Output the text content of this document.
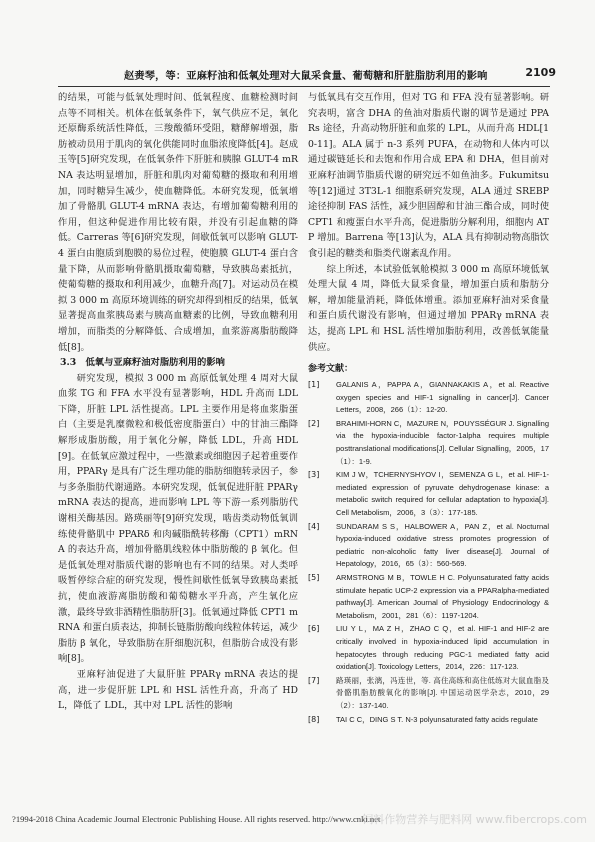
赵赉琴，等：亚麻籽油和低氧处理对大鼠采食量、葡萄糖和肝脏脂肪利用的影响	2109

的结果，可能与低氧处理时间、低氧程度、血糖检测时间点等不同相关。机体在低氧条件下，氧气供应不足，氧化还原酶系统活性降低，三羧酸循环受阻，糖酵解增强，脂肪被动员用于肌肉的氧化供能同时血脂浓度降低[4]。赵成玉等[5]研究发现，在低氧条件下肝脏和胰腺 GLUT-4 mRNA 表达明显增加，肝脏和肌肉对葡萄糖的摄取和利用增加，同时糖异生减少，使血糖降低。本研究发现，低氧增加了骨骼肌 GLUT-4 mRNA 表达，有增加葡萄糖利用的作用，但这种促进作用比较有限，并没有引起血糖的降低。Carreras 等[6]研究发现，间歇低氧可以影响 GLUT-4 蛋白由胞质到胞膜的易位过程，使胞膜 GLUT-4 蛋白含量下降，从而影响骨骼肌摄取葡萄糖，导致胰岛素抵抗，使葡萄糖的摄取和利用减少，血糖升高[7]。对运动员在模拟 3 000 m 高原环境训练的研究却得到相反的结果，低氧显著提高血浆胰岛素与胰高血糖素的比例，导致血糖利用增加，而脂类的分解降低、合成增加，血浆游离脂肪酸降低[8]。

3.3　低氧与亚麻籽油对脂肪利用的影响

研究发现，模拟 3 000 m 高原低氧处理 4 周对大鼠血浆 TG 和 FFA 水平没有显著影响，HDL 升高而 LDL 下降，肝脏 LPL 活性提高。LPL 主要作用是将血浆脂蛋白（主要是乳糜微粒和极低密度脂蛋白）中的甘油三酯降解形成脂肪酸，用于氧化分解，降低 LDL，升高 HDL[9]。在低氧应激过程中，一些激素或细胞因子起着重要作用，PPARγ 是具有广泛生理功能的脂肪细胞转录因子，参与多条脂肪代谢通路。本研究发现，低氧促进肝脏 PPARγ mRNA 表达的提高，进而影响 LPL 等下游一系列脂肪代谢相关酶基因。路瑛丽等[9]研究发现，啮齿类动物低氧训练使骨骼肌中 PPARδ 和肉碱脂酰转移酶（CPT1）mRNA 的表达升高，增加骨骼肌线粒体中脂肪酸的 β 氧化。但是低氧处理对脂质代谢的影响也有不同的结果。对人类呼吸暂停综合症的研究发现，慢性间歇性低氧导致胰岛素抵抗，使血液游离脂肪酸和葡萄糖水平升高，产生氧化应激，最终导致非酒精性脂肪肝[3]。低氧通过降低 CPT1 mRNA 和蛋白质表达，抑制长链脂肪酸向线粒体转运，减少脂肪 β 氧化，导致脂肪在肝细胞沉积，但脂肪合成没有影响[8]。

亚麻籽油促进了大鼠肝脏 PPARγ mRNA 表达的提高，进一步促肝脏 LPL 和 HSL 活性升高，升高了 HDL，降低了 LDL，其中对 LPL 活性的影响

与低氧具有交互作用，但对 TG 和 FFA 没有显著影响。研究表明，富含 DHA 的鱼油对脂质代谢的调节是通过 PPARs 途径，升高动物肝脏和血浆的 LPL，从而升高 HDL[10-11]。ALA 属于 n-3 系列 PUFA，在动物和人体内可以通过碳链延长和去饱和作用合成 EPA 和 DHA，但目前对亚麻籽油调节脂质代谢的研究远不如鱼油多。Fukumitsu 等[12]通过 3T3L-1 细胞系研究发现，ALA 通过 SREBP 途径抑制 FAS 活性，减少胆固醇和甘油三酯合成，同时使 CPT1 和瘦蛋白水平升高，促进脂肪分解利用，细胞内 ATP 增加。Barrena 等[13]认为，ALA 具有抑制动物高脂饮食引起的糖类和脂类代谢紊乱作用。

综上所述，本试验低氧舱模拟 3 000 m 高原环境低氧处理大鼠 4 周，降低大鼠采食量，增加蛋白质和脂肪分解，增加能量消耗，降低体增重。添加亚麻籽油对采食量和蛋白质代谢没有影响，但通过增加 PPARγ mRNA 表达，提高 LPL 和 HSL 活性增加脂肪利用，改善低氧能量供应。

参考文献：

[1] GALANIS A，PAPPA A，GIANNAKAKIS A，et al. Reactive oxygen species and HIF-1 signalling in cancer[J]. Cancer Letters，2008，266（1）：12-20.
[2] BRAHIMI-HORN C，MAZURE N，POUYSSÉGUR J. Signalling via the hypoxia-inducible factor-1alpha requires multiple posttranslational modifications[J]. Cellular Signalling，2005，17（1）：1-9.
[3] KIM J W，TCHERNYSHYOV I，SEMENZA G L，et al. HIF-1-mediated expression of pyruvate dehydrogenase kinase: a metabolic switch required for cellular adaptation to hypoxia[J]. Cell Metabolism，2006，3（3）：177-185.
[4] SUNDARAM S S，HALBOWER A，PAN Z，et al. Nocturnal hypoxia-induced oxidative stress promotes progression of pediatric non-alcoholic fatty liver disease[J]. Journal of Hepatology，2016，65（3）：560-569.
[5] ARMSTRONG M B，TOWLE H C. Polyunsaturated fatty acids stimulate hepatic UCP-2 expression via a PPARalpha-mediated pathway[J]. American Journal of Physiology Endocrinology & Metabolism，2001，281（6）：1197-1204.
[6] LIU Y L，MA Z H，ZHAO C Q，et al. HIF-1 and HIF-2 are critically involved in hypoxia-induced lipid accumulation in hepatocytes through reducing PGC-1 mediated fatty acid oxidation[J]. Toxicology Letters，2014，226：117-123.
[7] 路瑛丽，张漓，冯连世，等. 高住高练和高住低练对大鼠血脂及骨骼肌脂肪酸氧化的影响[J]. 中国运动医学杂志，2010，29（2）：137-140.
[8] TAI C C，DING S T. N-3 polyunsaturated fatty acids regulate
?1994-2018 China Academic Journal Electronic Publishing House. All rights reserved. http://www.cnki.net
饲料作物营养与肥料网 www.fibercrops.com
